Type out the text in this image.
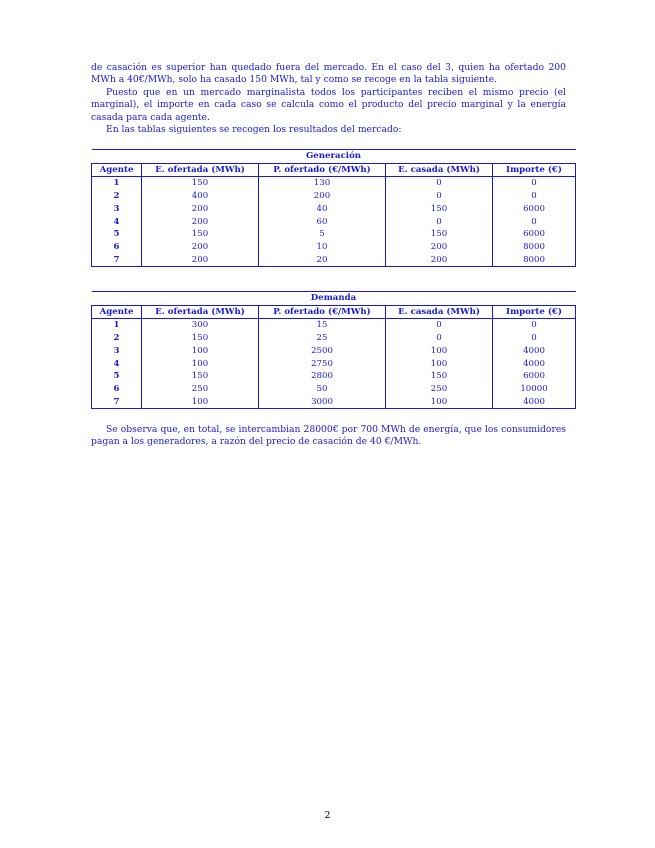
de casación es superior han quedado fuera del mercado. En el caso del 3, quien ha ofertado 200 MWh a 40€/MWh, solo ha casado 150 MWh, tal y como se recoge en la tabla siguiente.

Puesto que en un mercado marginalista todos los participantes reciben el mismo precio (el marginal), el importe en cada caso se calcula como el producto del precio marginal y la energía casada para cada agente.

En las tablas siguientes se recogen los resultados del mercado:

Generación				
Agente	E. ofertada (MWh)	P. ofertado (€/MWh)	E. casada (MWh)	Importe (€)
1	150	130	0	0
2	400	200	0	0
3	200	40	150	6000
4	200	60	0	0
5	150	5	150	6000
6	200	10	200	8000
7	200	20	200	8000
Demanda				
Agente	E. ofertada (MWh)	P. ofertado (€/MWh)	E. casada (MWh)	Importe (€)
1	300	15	0	0
2	150	25	0	0
3	100	2500	100	4000
4	100	2750	100	4000
5	150	2800	150	6000
6	250	50	250	10000
7	100	3000	100	4000

Se observa que, en total, se intercambian 28000€ por 700 MWh de energía, que los consumidores pagan a los generadores, a razón del precio de casación de 40 €/MWh.

2
